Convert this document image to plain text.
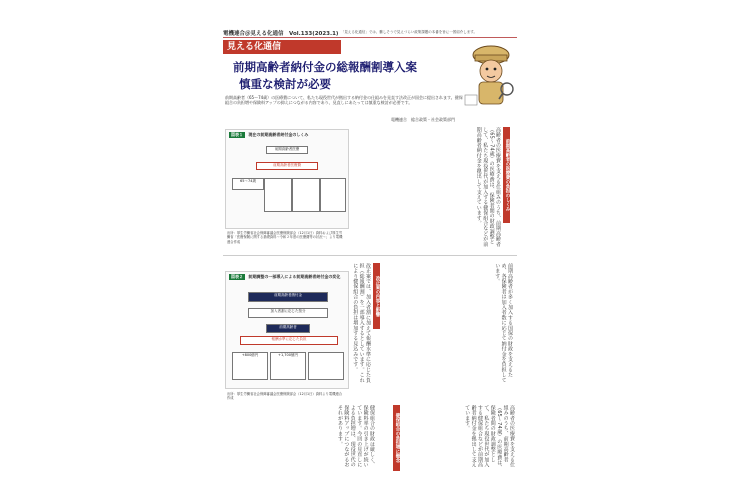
電機連合＠見える化通信　Vol.133(2023.1) 「見える化通信」では、難しそうで見えづらい政策課題の本番を旨に一図紹介します。
見える化通信
前期高齢者納付金の総報酬割導入案
慎重な検討が必要
前期高齢者（65〜74歳）の医療費について、私たち現役世代が拠出する納付金の仕組みを見直す法改正が国会に提出されます。健保組合の負担増や保険料アップの抑えにつながる内容であり、見直しにあたっては慎重な検討が必要です。
電機連合　総合政策・社会政策部門
図表１ 現在の前期高齢者納付金のしくみ
前期高齢者医療
前期高齢者医療費
65〜74歳
出所：厚生労働省社会保障審議会医療保険部会（12月1日）資料および厚生労働省「医療保険に関する基礎資料〜令和２年度の医療費等の状況〜」より電機連合作成
図表２ 前期調整の一部導入による前期高齢者納付金の変化
前期高齢者納付金
加入者割に応じた按分
前期高齢者
報酬水準に応じた負担
+800億円	+1,700億円
出所：厚生労働省社会保障審議会医療保険部会（12月1日）資料より電機連合作成
高齢者の医療費を支える仕組みのうち、前期高齢者（65〜74歳）の医療費は、保険者間の財政調整として、私たち現役世代が加入する健保組合などが前期高齢者納付金を拠出して支えています。	前期高齢者の医療費の負担のしくみ
前期高齢者が多く加入する国保の財政を支えるため、各保険者は加入者数に応じて納付金を負担しています。
改正案の内容と影響
改正案では、加入者割に加えて報酬水準に応じた負担（総報酬割）を一部導入するとしています。これにより健保組合の負担は増加する見込みです。
健保組合の財政は厳しく、保険料率の引き上げが続いています。今回の見直しによる負担増は、現役世代の保険料アップにつながるおそれがあります。	健保組合の負担増に懸念	高齢者の医療費を支える仕組みのうち、前期高齢者（65〜74歳）の医療費は、保険者間の財政調整として、私たち現役世代が加入する健保組合などが前期高齢者納付金を拠出して支えています。
